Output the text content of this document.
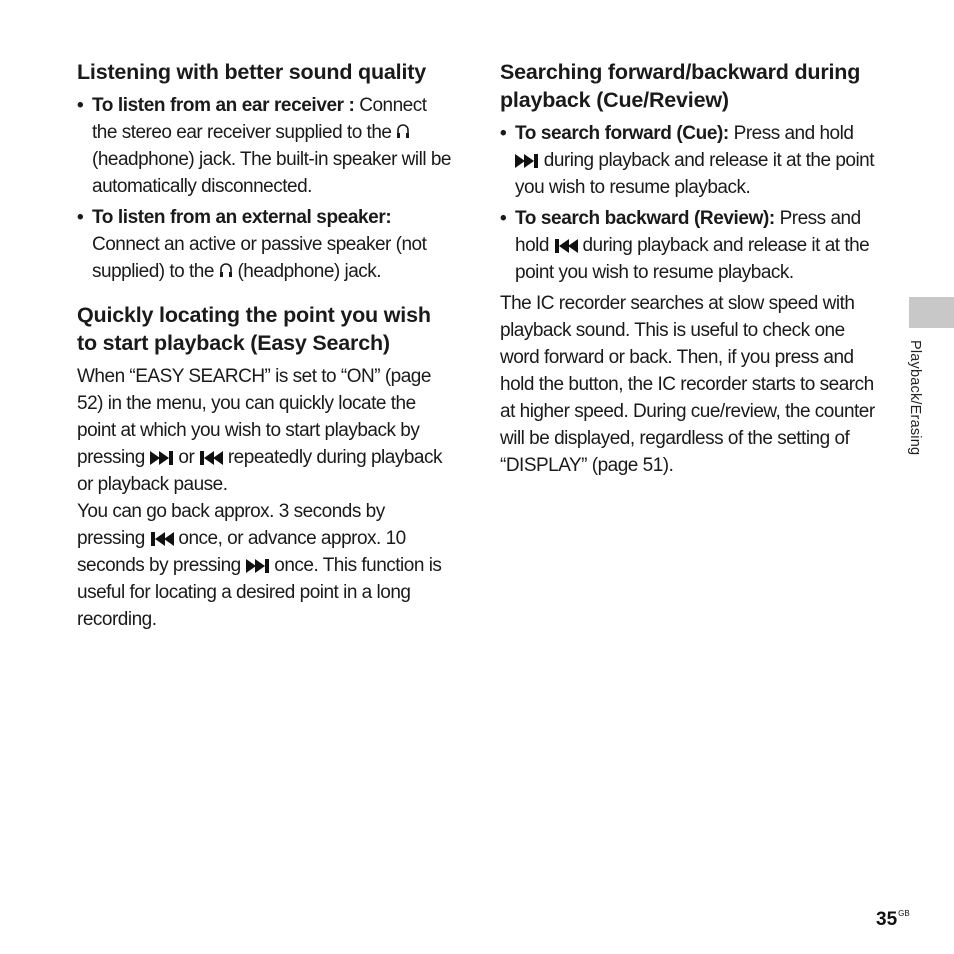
Listening with better sound quality
• To listen from an ear receiver : Connect the stereo ear receiver supplied to the
(headphone) jack. The built-in speaker will be automatically disconnected.
• To listen from an external speaker: Connect an active or passive speaker (not supplied) to the (headphone) jack.
Quickly locating the point you wish to start playback (Easy Search)

When “EASY SEARCH” is set to “ON” (page 52) in the menu, you can quickly locate the point at which you wish to start playback by pressing or repeatedly during playback or playback pause.

You can go back approx. 3 seconds by pressing once, or advance approx. 10 seconds by pressing once. This function is useful for locating a desired point in a long recording.

Searching forward/backward during playback (Cue/Review)
• To search forward (Cue): Press and hold
during playback and release it at the point you wish to resume playback.
• To search backward (Review): Press and hold during playback and release it at the point you wish to resume playback.

The IC recorder searches at slow speed with playback sound. This is useful to check one word forward or back. Then, if you press and hold the button, the IC recorder starts to search at higher speed. During cue/review, the counter will be displayed, regardless of the setting of “DISPLAY” (page 51).

Playback/Erasing
$35^{GB}$
